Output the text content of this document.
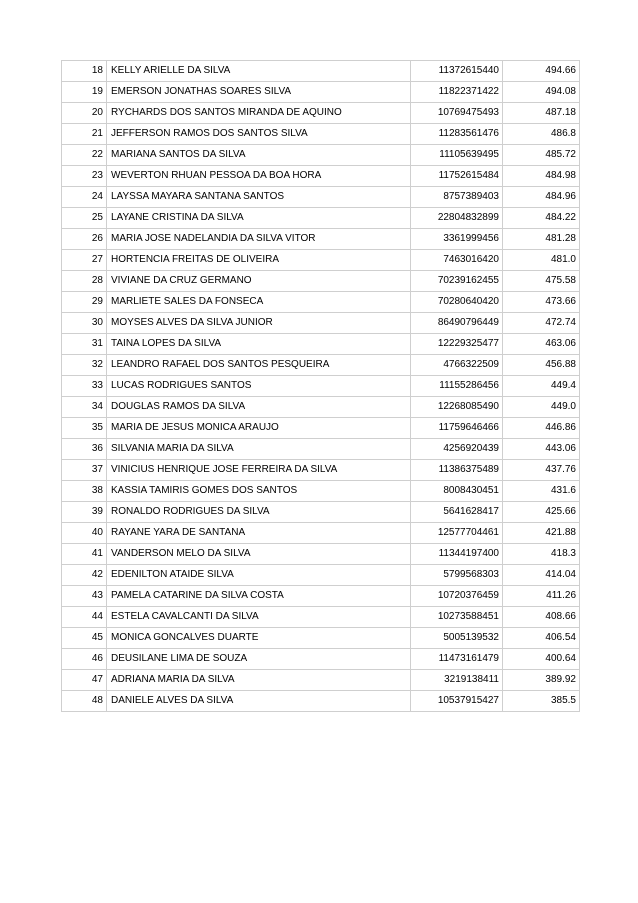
18	KELLY ARIELLE DA SILVA	11372615440	494.66
19	EMERSON JONATHAS SOARES SILVA	11822371422	494.08
20	RYCHARDS DOS SANTOS MIRANDA DE AQUINO	10769475493	487.18
21	JEFFERSON RAMOS DOS SANTOS SILVA	11283561476	486.8
22	MARIANA SANTOS DA SILVA	11105639495	485.72
23	WEVERTON RHUAN PESSOA DA BOA HORA	11752615484	484.98
24	LAYSSA MAYARA SANTANA SANTOS	8757389403	484.96
25	LAYANE CRISTINA DA SILVA	22804832899	484.22
26	MARIA JOSE NADELANDIA DA SILVA VITOR	3361999456	481.28
27	HORTENCIA FREITAS DE OLIVEIRA	7463016420	481.0
28	VIVIANE DA CRUZ GERMANO	70239162455	475.58
29	MARLIETE SALES DA FONSECA	70280640420	473.66
30	MOYSES ALVES DA SILVA JUNIOR	86490796449	472.74
31	TAINA LOPES DA SILVA	12229325477	463.06
32	LEANDRO RAFAEL DOS SANTOS PESQUEIRA	4766322509	456.88
33	LUCAS RODRIGUES SANTOS	11155286456	449.4
34	DOUGLAS RAMOS DA SILVA	12268085490	449.0
35	MARIA DE JESUS MONICA ARAUJO	11759646466	446.86
36	SILVANIA MARIA DA SILVA	4256920439	443.06
37	VINICIUS HENRIQUE JOSE FERREIRA DA SILVA	11386375489	437.76
38	KASSIA TAMIRIS GOMES DOS SANTOS	8008430451	431.6
39	RONALDO RODRIGUES DA SILVA	5641628417	425.66
40	RAYANE YARA DE SANTANA	12577704461	421.88
41	VANDERSON MELO DA SILVA	11344197400	418.3
42	EDENILTON ATAIDE SILVA	5799568303	414.04
43	PAMELA CATARINE DA SILVA COSTA	10720376459	411.26
44	ESTELA CAVALCANTI DA SILVA	10273588451	408.66
45	MONICA GONCALVES DUARTE	5005139532	406.54
46	DEUSILANE LIMA DE SOUZA	11473161479	400.64
47	ADRIANA MARIA DA SILVA	3219138411	389.92
48	DANIELE ALVES DA SILVA	10537915427	385.5
